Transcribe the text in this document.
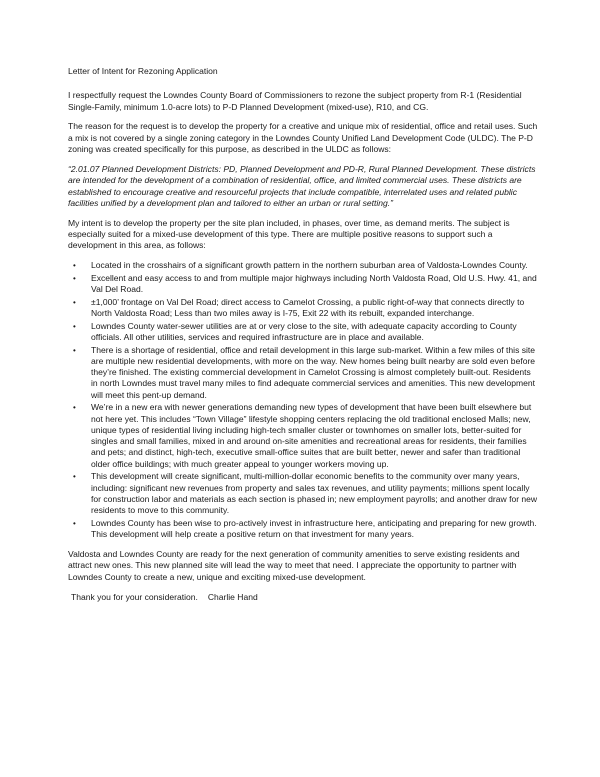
Letter of Intent for Rezoning Application

I respectfully request the Lowndes County Board of Commissioners to rezone the subject property from R-1 (Residential Single-Family, minimum 1.0-acre lots) to P-D Planned Development (mixed-use), R10, and CG.

The reason for the request is to develop the property for a creative and unique mix of residential, office and retail uses. Such a mix is not covered by a single zoning category in the Lowndes County Unified Land Development Code (ULDC). The P-D zoning was created specifically for this purpose, as described in the ULDC as follows:

“2.01.07 Planned Development Districts: PD, Planned Development and PD-R, Rural Planned Development. These districts are intended for the development of a combination of residential, office, and limited commercial uses. These districts are established to encourage creative and resourceful projects that include compatible, interrelated uses and related public facilities unified by a development plan and tailored to either an urban or rural setting.”

My intent is to develop the property per the site plan included, in phases, over time, as demand merits. The subject is especially suited for a mixed-use development of this type. There are multiple positive reasons to support such a development in this area, as follows:

• Located in the crosshairs of a significant growth pattern in the northern suburban area of Valdosta-Lowndes County.
• Excellent and easy access to and from multiple major highways including North Valdosta Road, Old U.S. Hwy. 41, and Val Del Road.
• ±1,000’ frontage on Val Del Road; direct access to Camelot Crossing, a public right-of-way that connects directly to North Valdosta Road; Less than two miles away is I-75, Exit 22 with its rebuilt, expanded interchange.
• Lowndes County water-sewer utilities are at or very close to the site, with adequate capacity according to County officials. All other utilities, services and required infrastructure are in place and available.
• There is a shortage of residential, office and retail development in this large sub-market. Within a few miles of this site are multiple new residential developments, with more on the way. New homes being built nearby are sold even before they’re finished. The existing commercial development in Camelot Crossing is almost completely built-out. Residents in north Lowndes must travel many miles to find adequate commercial services and amenities. This new development will meet this pent-up demand.
• We’re in a new era with newer generations demanding new types of development that have been built elsewhere but not here yet. This includes “Town Village” lifestyle shopping centers replacing the old traditional enclosed Malls; new, unique types of residential living including high-tech smaller cluster or townhomes on smaller lots, better-suited for singles and small families, mixed in and around on-site amenities and recreational areas for residents, their families and pets; and distinct, high-tech, executive small-office suites that are built better, newer and safer than traditional older office buildings; with much greater appeal to younger workers moving up.
• This development will create significant, multi-million-dollar economic benefits to the community over many years, including: significant new revenues from property and sales tax revenues, and utility payments; millions spent locally for construction labor and materials as each section is phased in; new employment payrolls; and another draw for new residents to move to this community.
• Lowndes County has been wise to pro-actively invest in infrastructure here, anticipating and preparing for new growth. This development will help create a positive return on that investment for many years.

Valdosta and Lowndes County are ready for the next generation of community amenities to serve existing residents and attract new ones. This new planned site will lead the way to meet that need. I appreciate the opportunity to partner with Lowndes County to create a new, unique and exciting mixed-use development.

Thank you for your consideration. Charlie Hand
